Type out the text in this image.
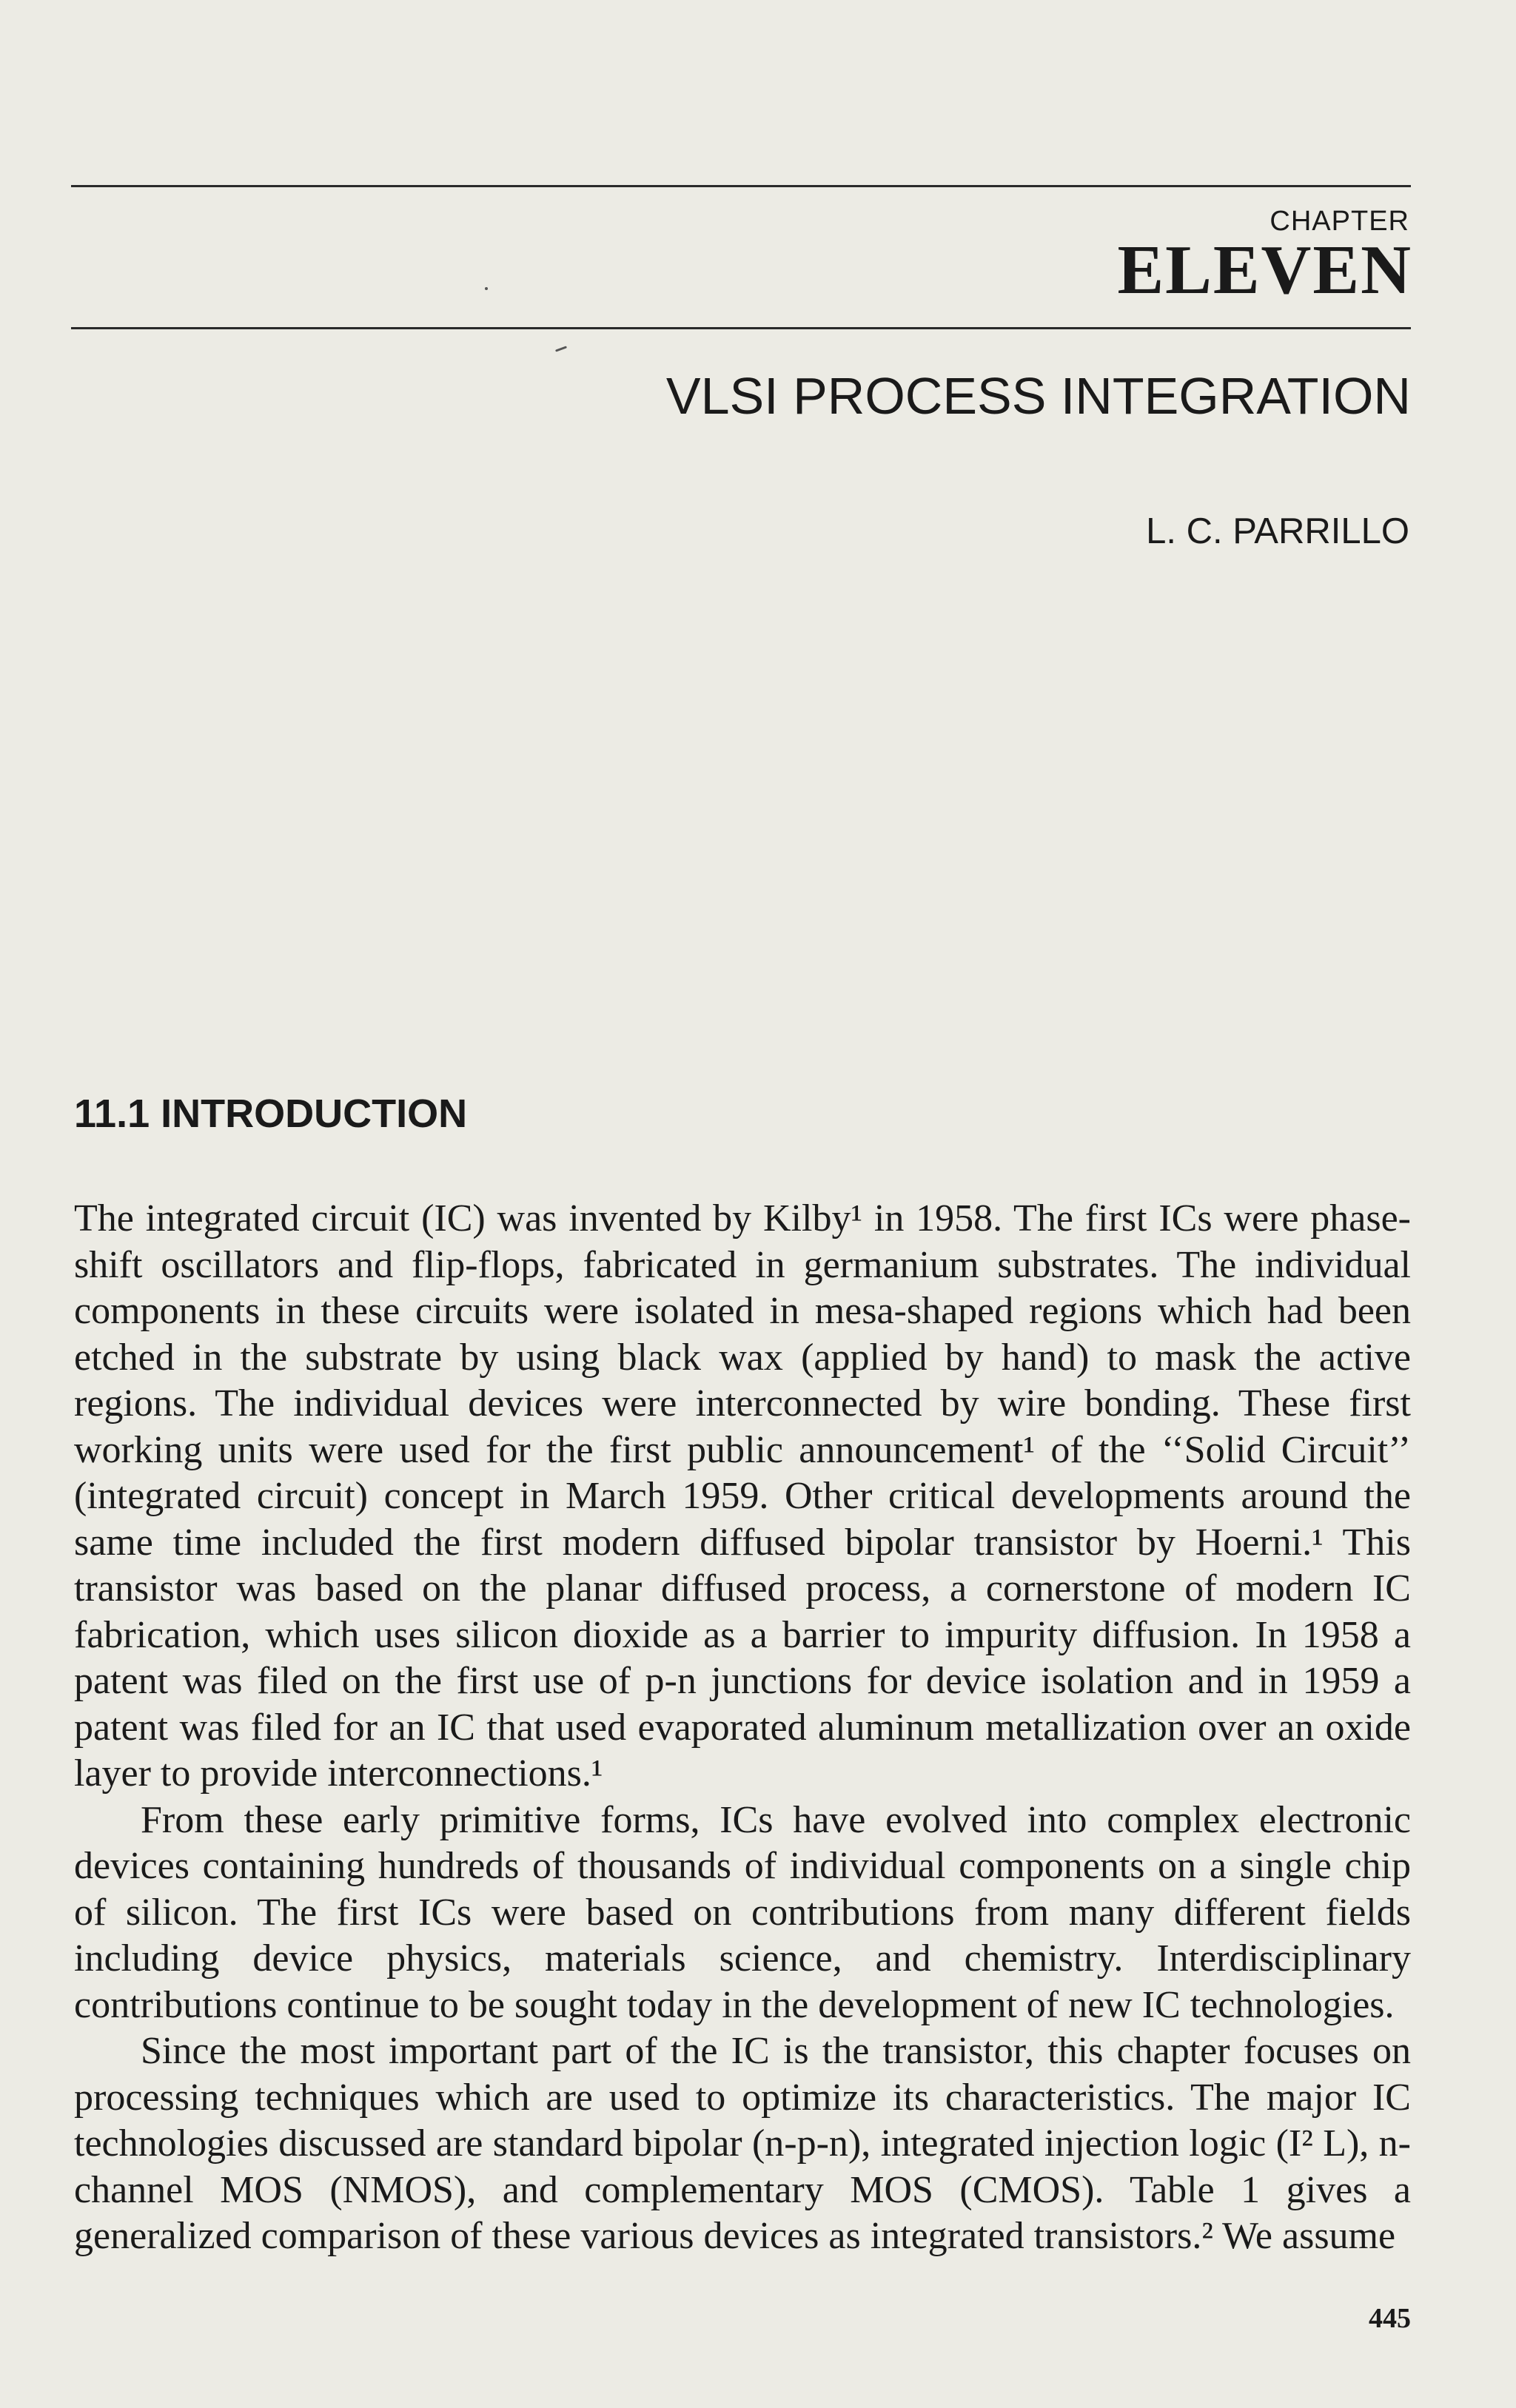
CHAPTER
ELEVEN
VLSI PROCESS INTEGRATION
L. C. PARRILLO
11.1 INTRODUCTION

The integrated circuit (IC) was invented by Kilby¹ in 1958. The first ICs were phase-shift oscillators and flip-flops, fabricated in germanium substrates. The individual components in these circuits were isolated in mesa-shaped regions which had been etched in the substrate by using black wax (applied by hand) to mask the active regions. The individual devices were interconnected by wire bonding. These first working units were used for the first public announcement¹ of the ‘‘Solid Circuit’’ (integrated circuit) concept in March 1959. Other critical developments around the same time included the first modern diffused bipolar transistor by Hoerni.¹ This transistor was based on the planar diffused process, a cornerstone of modern IC fabrication, which uses silicon dioxide as a barrier to impurity diffusion. In 1958 a patent was filed on the first use of p-n junctions for device isolation and in 1959 a patent was filed for an IC that used evaporated aluminum metallization over an oxide layer to provide interconnections.¹

From these early primitive forms, ICs have evolved into complex electronic devices containing hundreds of thousands of individual components on a single chip of silicon. The first ICs were based on contributions from many different fields including device physics, materials science, and chemistry. Interdisciplinary contributions continue to be sought today in the development of new IC technologies.

Since the most important part of the IC is the transistor, this chapter focuses on processing techniques which are used to optimize its characteristics. The major IC technologies discussed are standard bipolar (n-p-n), integrated injection logic (I² L), n-channel MOS (NMOS), and complementary MOS (CMOS). Table 1 gives a generalized comparison of these various devices as integrated transistors.² We assume

445
